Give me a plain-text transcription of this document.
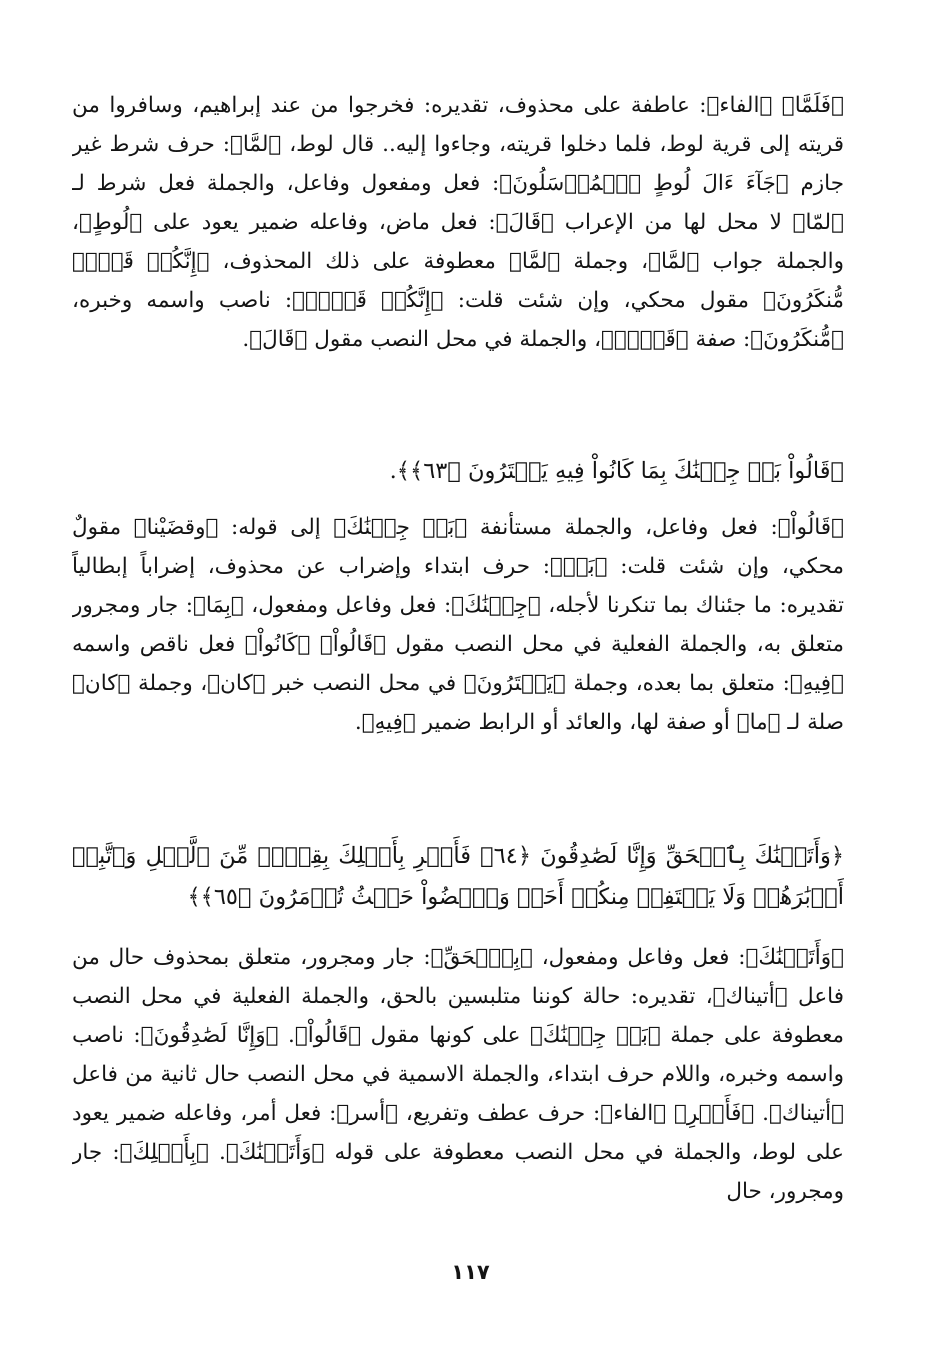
﴿فَلَمَّا﴾ ﴿الفاء﴾: عاطفة على محذوف، تقديره: فخرجوا من عند إبراهيم، وسافروا من قريته إلى قرية لوط، فلما دخلوا قريته، وجاءوا إليه.. قال لوط، ﴿لمَّا﴾: حرف شرط غير جازم ﴿جَآءَ ءَالَ لُوطٍ ٱلۡمُرۡسَلُونَ﴾: فعل ومفعول وفاعل، والجملة فعل شرط لـ ﴿لمّا﴾ لا محل لها من الإعراب ﴿قَالَ﴾: فعل ماض، وفاعله ضمير يعود على ﴿لُوطٍ﴾، والجملة جواب ﴿لمَّا﴾، وجملة ﴿لمَّا﴾ معطوفة على ذلك المحذوف، ﴿إِنَّكُمۡ قَوۡمٞ مُّنكَرُونَ﴾ مقول محكي، وإن شئت قلت: ﴿إِنَّكُمۡ قَوۡمٞ﴾: ناصب واسمه وخبره، ﴿مُّنكَرُونَ﴾: صفة ﴿قَوۡمٞ﴾، والجملة في محل النصب مقول ﴿قَالَ﴾.

﴿قَالُواْ بَلۡ جِئۡنَٰكَ بِمَا كَانُواْ فِيهِ يَمۡتَرُونَ ﴿٦٣﴾﴾.

﴿قَالُواْ﴾: فعل وفاعل، والجملة مستأنفة ﴿بَلۡ جِئۡنَٰكَ﴾ إلى قوله: ﴿وقضَيْنا﴾ مقولٌ محكي، وإن شئت قلت: ﴿بَلۡ﴾: حرف ابتداء وإضراب عن محذوف، إضراباً إبطالياً تقديره: ما جئناك بما تنكرنا لأجله، ﴿جِئۡنَٰكَ﴾: فعل وفاعل ومفعول، ﴿بِمَا﴾: جار ومجرور متعلق به، والجملة الفعلية في محل النصب مقول ﴿قَالُواْ﴾ ﴿كَانُواْ﴾ فعل ناقص واسمه ﴿فِيهِ﴾: متعلق بما بعده، وجملة ﴿يَمۡتَرُونَ﴾ في محل النصب خبر ﴿كان﴾، وجملة ﴿كان﴾ صلة لـ ﴿ما﴾ أو صفة لها، والعائد أو الرابط ضمير ﴿فِيهِ﴾.

﴿وَأَتَيۡنَٰكَ بِٱلۡحَقِّ وَإِنَّا لَصَٰدِقُونَ ﴿٦٤﴾ فَأَسۡرِ بِأَهۡلِكَ بِقِطۡعٖ مِّنَ ٱلَّيۡلِ وَٱتَّبِعۡ أَدۡبَٰرَهُمۡ وَلَا يَلۡتَفِتۡ مِنكُمۡ أَحَدٞ وَٱمۡضُواْ حَيۡثُ تُؤۡمَرُونَ ﴿٦٥﴾﴾

﴿وَأَتَيۡنَٰكَ﴾: فعل وفاعل ومفعول، ﴿بِٱلۡحَقِّ﴾: جار ومجرور، متعلق بمحذوف حال من فاعل ﴿أتيناك﴾، تقديره: حالة كوننا متلبسين بالحق، والجملة الفعلية في محل النصب معطوفة على جملة ﴿بَلۡ جِئۡنَٰكَ﴾ على كونها مقول ﴿قَالُواْ﴾. ﴿وَإِنَّا لَصَٰدِقُونَ﴾: ناصب واسمه وخبره، واللام حرف ابتداء، والجملة الاسمية في محل النصب حال ثانية من فاعل ﴿أتيناك﴾. ﴿فَأَسۡرِ﴾ ﴿الفاء﴾: حرف عطف وتفريع، ﴿أسر﴾: فعل أمر، وفاعله ضمير يعود على لوط، والجملة في محل النصب معطوفة على قوله ﴿وَأَتَيۡنَٰكَ﴾. ﴿بِأَهۡلِكَ﴾: جار ومجرور، حال

١١٧
